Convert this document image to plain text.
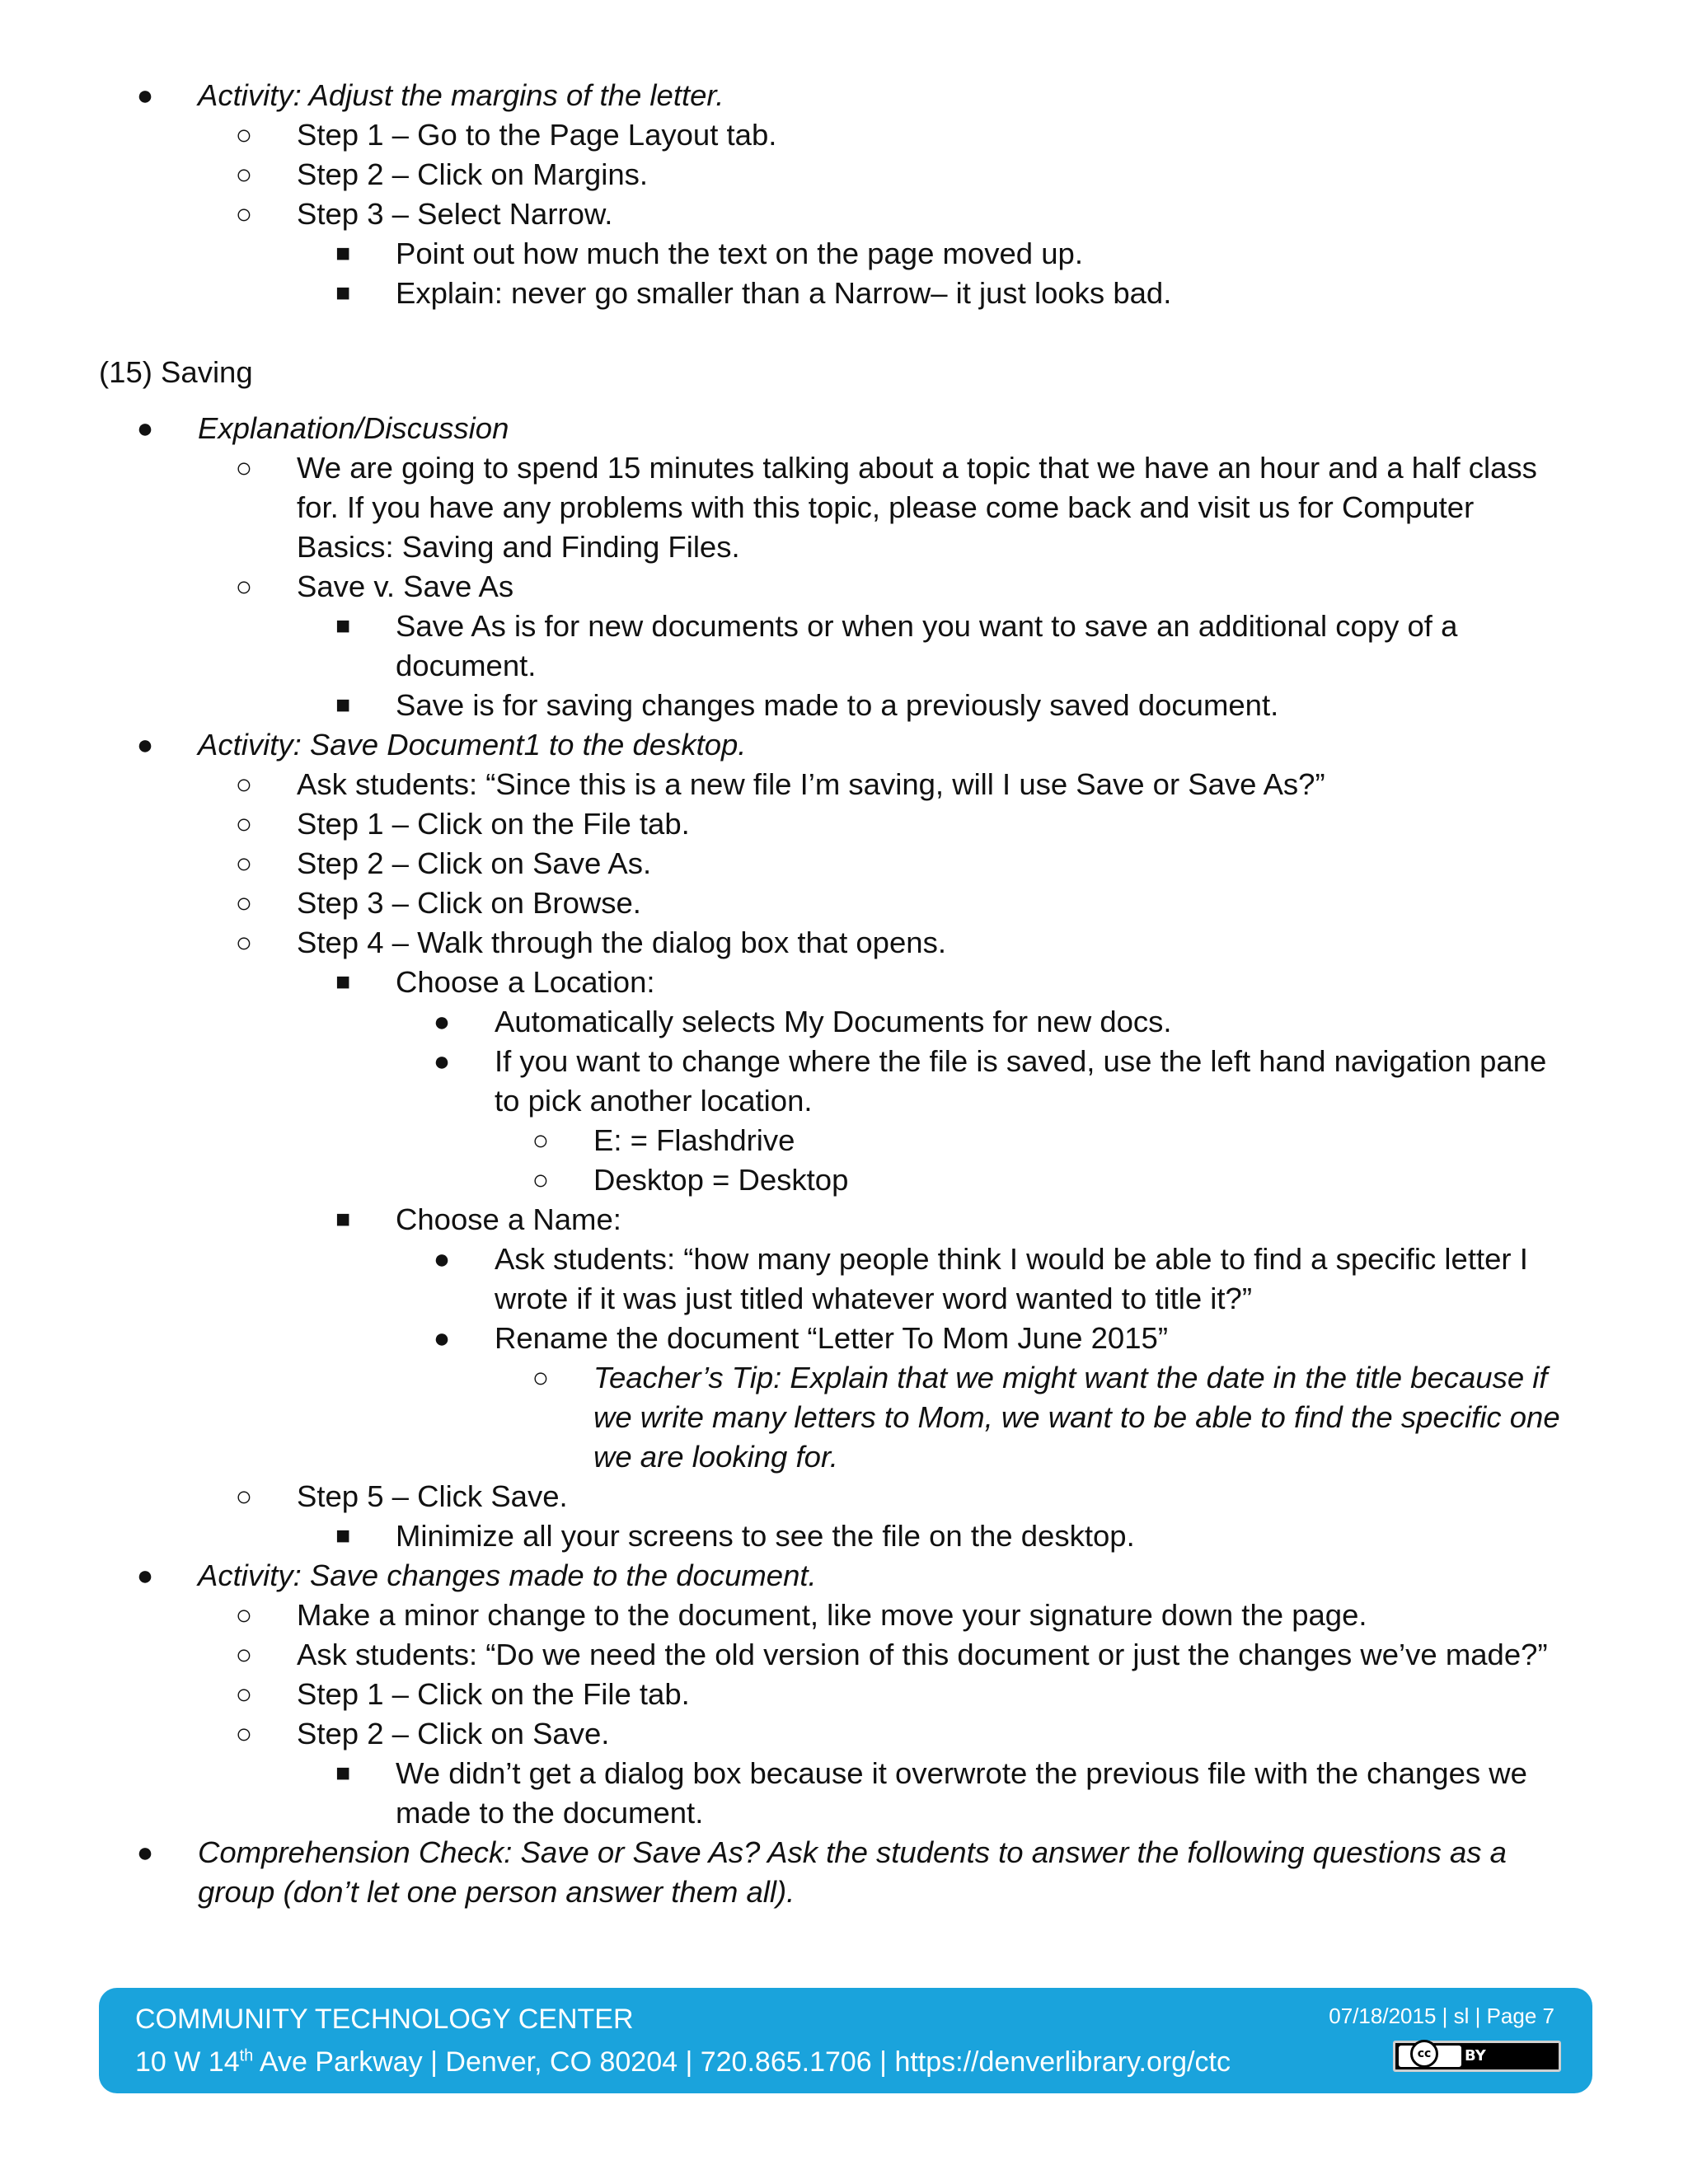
● Activity: Adjust the margins of the letter.
○ Step 1 – Go to the Page Layout tab.
○ Step 2 – Click on Margins.
○ Step 3 – Select Narrow.
■ Point out how much the text on the page moved up.
■ Explain: never go smaller than a Narrow– it just looks bad.
(15) Saving
● Explanation/Discussion
○ We are going to spend 15 minutes talking about a topic that we have an hour and a half class
for. If you have any problems with this topic, please come back and visit us for Computer
Basics: Saving and Finding Files.
○ Save v. Save As
■ Save As is for new documents or when you want to save an additional copy of a
document.
■ Save is for saving changes made to a previously saved document.
● Activity: Save Document1 to the desktop.
○ Ask students: “Since this is a new file I’m saving, will I use Save or Save As?”
○ Step 1 – Click on the File tab.
○ Step 2 – Click on Save As.
○ Step 3 – Click on Browse.
○ Step 4 – Walk through the dialog box that opens.
■ Choose a Location:
● Automatically selects My Documents for new docs.
● If you want to change where the file is saved, use the left hand navigation pane
to pick another location.
○ E: = Flashdrive
○ Desktop = Desktop
■ Choose a Name:
● Ask students: “how many people think I would be able to find a specific letter I
wrote if it was just titled whatever word wanted to title it?”
● Rename the document “Letter To Mom June 2015”
○ Teacher’s Tip: Explain that we might want the date in the title because if
we write many letters to Mom, we want to be able to find the specific one
we are looking for.
○ Step 5 – Click Save.
■ Minimize all your screens to see the file on the desktop.
● Activity: Save changes made to the document.
○ Make a minor change to the document, like move your signature down the page.
○ Ask students: “Do we need the old version of this document or just the changes we’ve made?”
○ Step 1 – Click on the File tab.
○ Step 2 – Click on Save.
■ We didn’t get a dialog box because it overwrote the previous file with the changes we
made to the document.
● Comprehension Check: Save or Save As? Ask the students to answer the following questions as a
group (don’t let one person answer them all).
COMMUNITY TECHNOLOGY CENTER
10 W 14th Ave Parkway | Denver, CO 80204 | 720.865.1706 | https://denverlibrary.org/ctc
07/18/2015 | sl | Page 7
cc	BY
